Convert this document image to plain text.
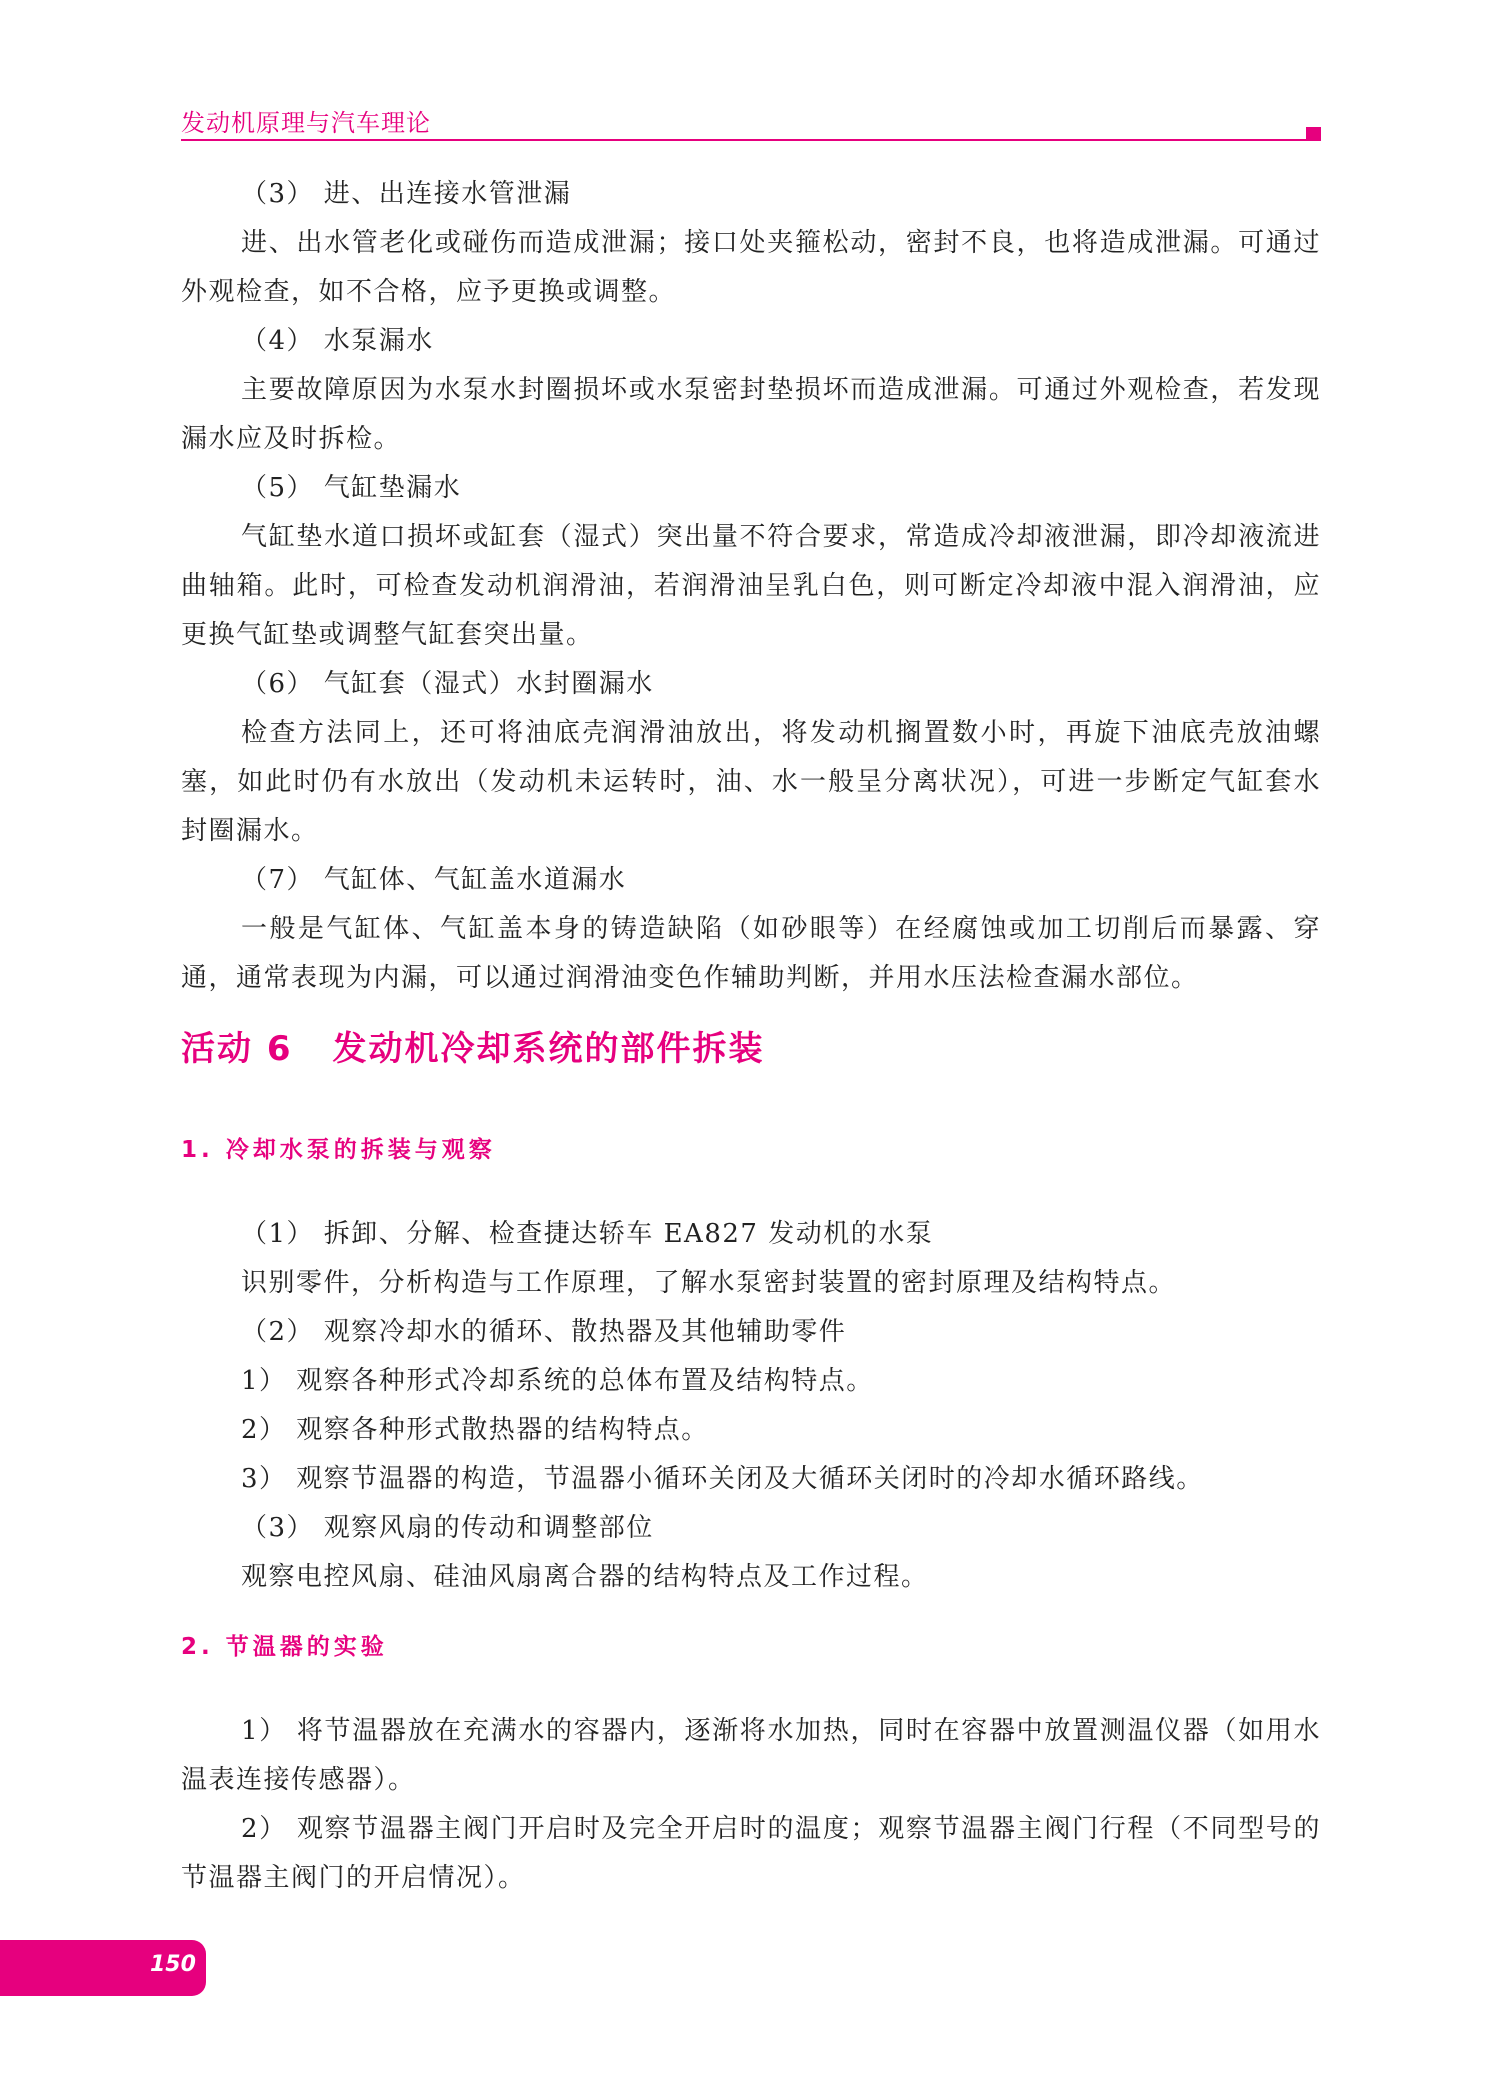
发动机原理与汽车理论

（3） 进、出连接水管泄漏

进、出水管老化或碰伤而造成泄漏；接口处夹箍松动，密封不良，也将造成泄漏。可通过外观检查，如不合格，应予更换或调整。

（4） 水泵漏水

主要故障原因为水泵水封圈损坏或水泵密封垫损坏而造成泄漏。可通过外观检查，若发现漏水应及时拆检。

（5） 气缸垫漏水

气缸垫水道口损坏或缸套（湿式）突出量不符合要求，常造成冷却液泄漏，即冷却液流进曲轴箱。此时，可检查发动机润滑油，若润滑油呈乳白色，则可断定冷却液中混入润滑油，应更换气缸垫或调整气缸套突出量。

（6） 气缸套（湿式）水封圈漏水

检查方法同上，还可将油底壳润滑油放出，将发动机搁置数小时，再旋下油底壳放油螺塞，如此时仍有水放出（发动机未运转时，油、水一般呈分离状况），可进一步断定气缸套水封圈漏水。

（7） 气缸体、气缸盖水道漏水

一般是气缸体、气缸盖本身的铸造缺陷（如砂眼等）在经腐蚀或加工切削后而暴露、穿通，通常表现为内漏，可以通过润滑油变色作辅助判断，并用水压法检查漏水部位。

活动 6 发动机冷却系统的部件拆装
1. 冷却水泵的拆装与观察

（1） 拆卸、分解、检查捷达轿车 EA827 发动机的水泵

识别零件，分析构造与工作原理，了解水泵密封装置的密封原理及结构特点。

（2） 观察冷却水的循环、散热器及其他辅助零件

1） 观察各种形式冷却系统的总体布置及结构特点。

2） 观察各种形式散热器的结构特点。

3） 观察节温器的构造，节温器小循环关闭及大循环关闭时的冷却水循环路线。

（3） 观察风扇的传动和调整部位

观察电控风扇、硅油风扇离合器的结构特点及工作过程。

2. 节温器的实验

1） 将节温器放在充满水的容器内，逐渐将水加热，同时在容器中放置测温仪器（如用水温表连接传感器）。

2） 观察节温器主阀门开启时及完全开启时的温度；观察节温器主阀门行程（不同型号的节温器主阀门的开启情况）。

150
